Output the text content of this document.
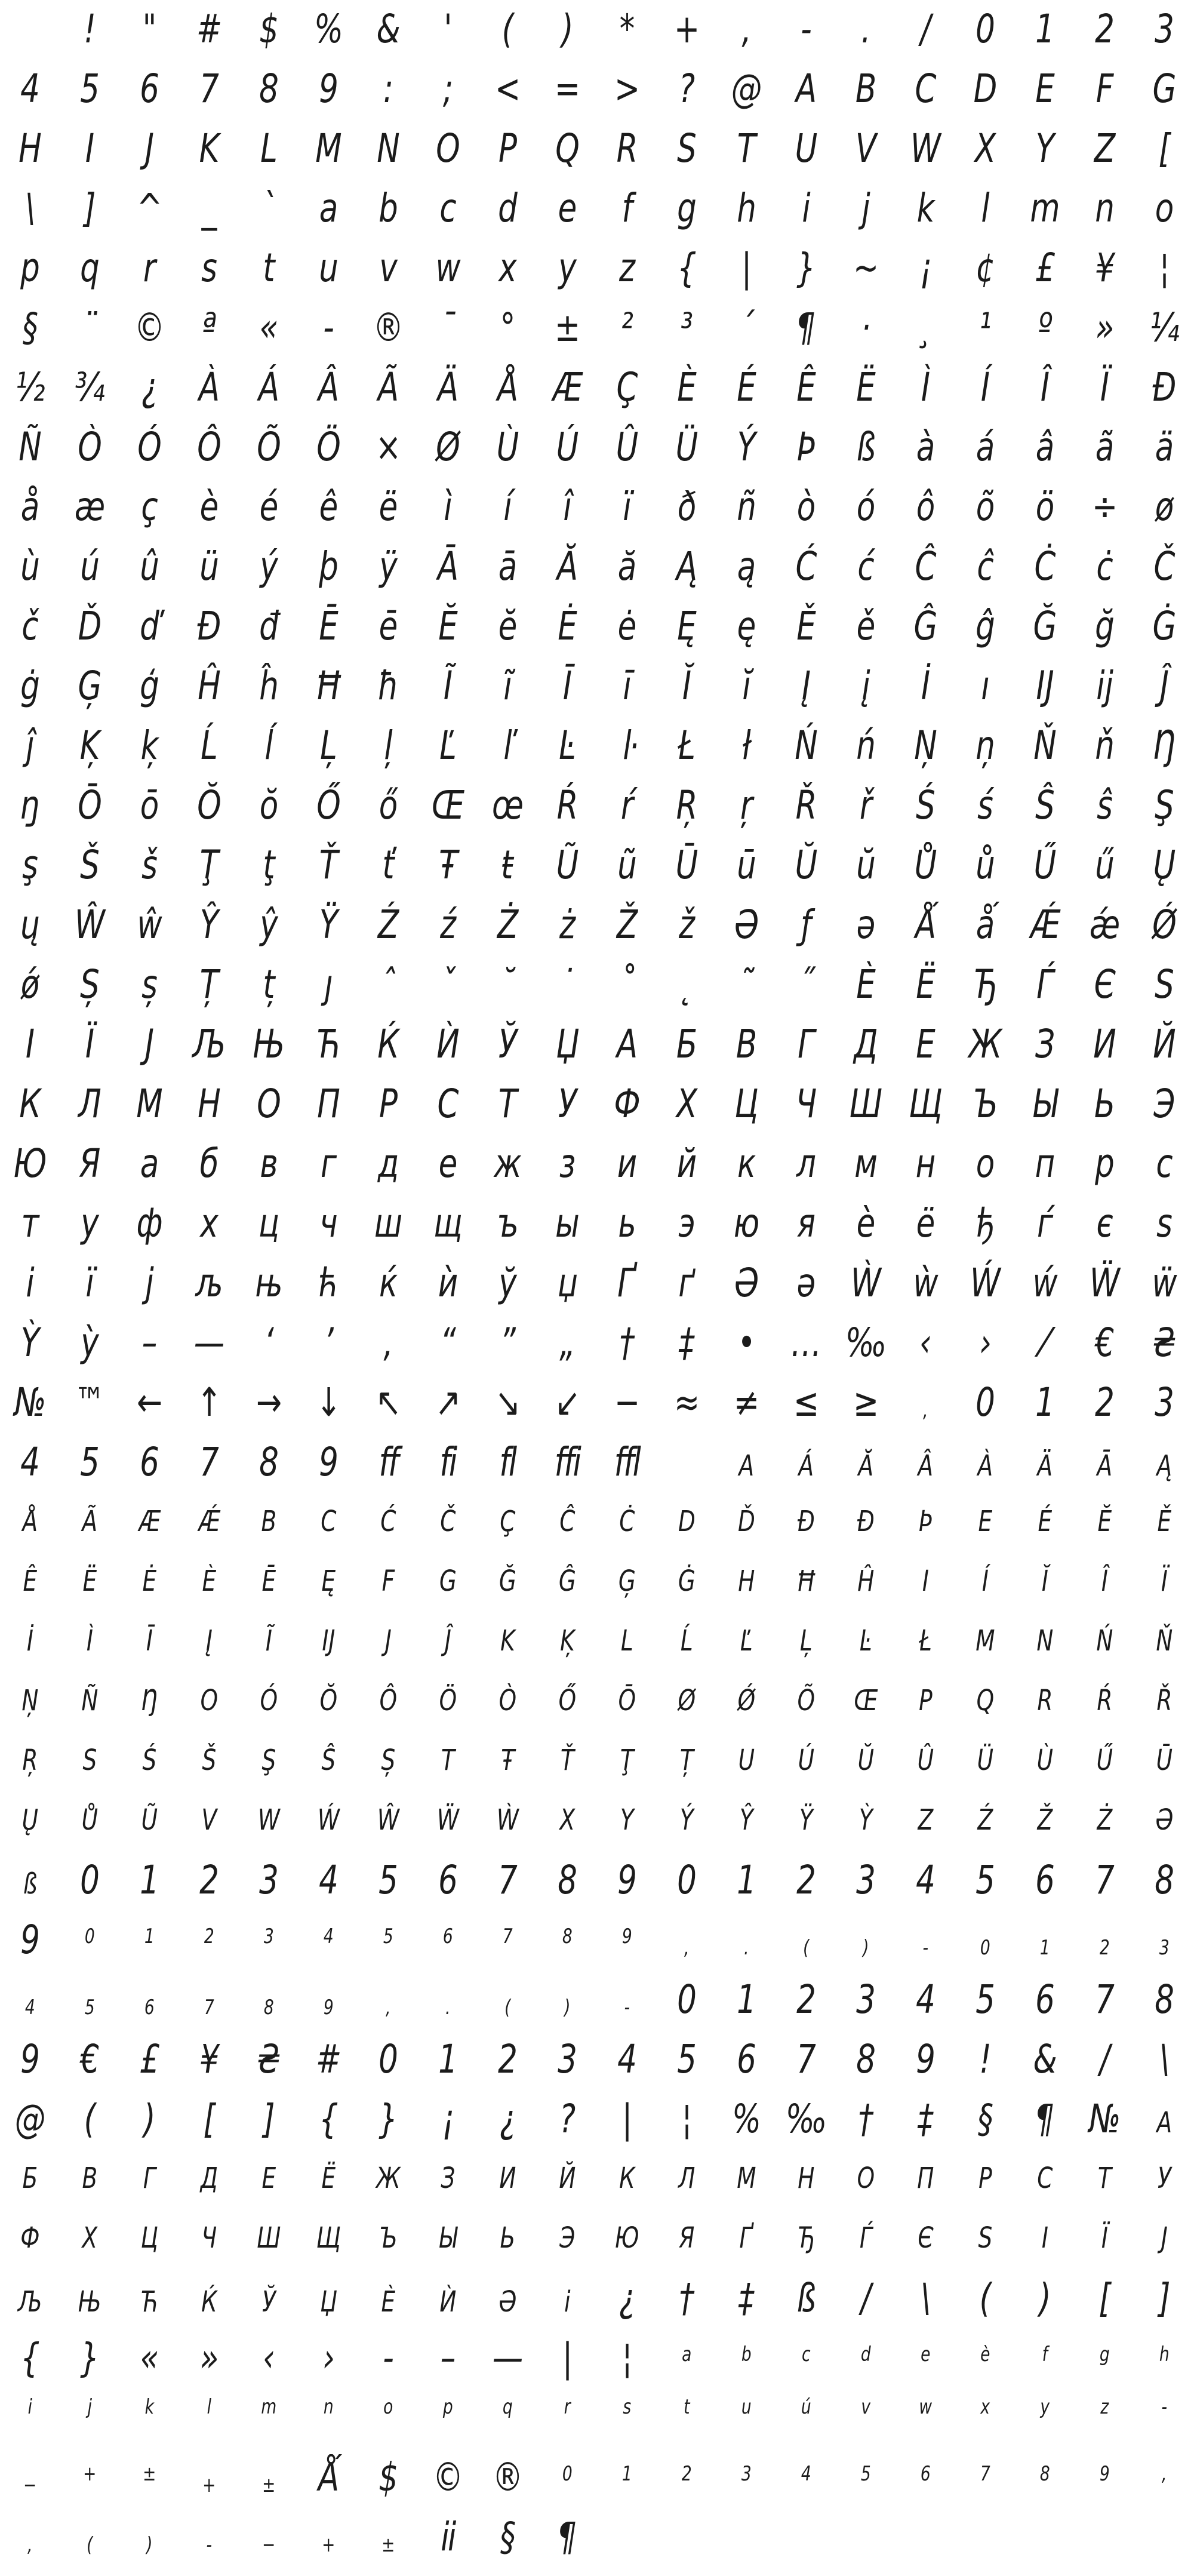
! " # $ % & ' ( ) * + , - . / 0 1 2 3
4 5 6 7 8 9 : ; < = > ? @ A B C D E F G
H I J K L M N O P Q R S T U V W X Y Z [
\ ] ^ _ ` a b c d e f g h i j k l m n o
p q r s t u v w x y z { | } ~ ¡ ¢ £ ¥ ¦
§ ¨ © ª « - ® ¯ ° ± ² ³ ´ ¶ · ¸ ¹ º » ¼
½ ¾ ¿ À Á Â Ã Ä Å Æ Ç È É Ê Ë Ì Í Î Ï Ð
Ñ Ò Ó Ô Õ Ö × Ø Ù Ú Û Ü Ý Þ ß à á â ã ä
å æ ç è é ê ë ì í î ï ð ñ ò ó ô õ ö ÷ ø
ù ú û ü ý þ ÿ Ā ā Ă ă Ą ą Ć ć Ĉ ĉ Ċ ċ Č
č Ď ď Đ đ Ē ē Ĕ ĕ Ė ė Ę ę Ě ě Ĝ ĝ Ğ ğ Ġ
ġ Ģ ģ Ĥ ĥ Ħ ħ Ĩ ĩ Ī ī Ĭ ĭ Į į İ ı Ĳ ĳ Ĵ
ĵ Ķ ķ Ĺ ĺ Ļ ļ Ľ ľ Ŀ ŀ Ł ł Ń ń Ņ ņ Ň ň Ŋ
ŋ Ō ō Ŏ ŏ Ő ő Œ œ Ŕ ŕ Ŗ ŗ Ř ř Ś ś Ŝ ŝ Ş
ş Š š Ţ ţ Ť ť Ŧ ŧ Ũ ũ Ū ū Ŭ ŭ Ů ů Ű ű Ų
ų Ŵ ŵ Ŷ ŷ Ÿ Ź ź Ż ż Ž ž Ə ƒ ə Ǻ ǻ Ǽ ǽ Ǿ
ǿ Ș ș Ț ț ȷ ˆ ˇ ˘ ˙ ˚ ˛ ˜ ˝ Ѐ Ё Ђ Ѓ Є Ѕ
І Ї Ј Љ Њ Ћ Ќ Ѝ Ў Џ А Б В Г Д Е Ж З И Й
К Л М Н О П Р С Т У Ф Х Ц Ч Ш Щ Ъ Ы Ь Э
Ю Я а б в г д е ж з и й к л м н о п р с
т у ф х ц ч ш щ ъ ы ь э ю я ѐ ё ђ ѓ є ѕ
і ї ј љ њ ћ ќ ѝ ў џ Ґ ґ Ә ә Ẁ ẁ Ẃ ẃ Ẅ ẅ
Ỳ ỳ – — ‘ ’ ‚ “ ” „ † ‡ • … ‰ ‹ › ⁄ € ₴
№ ™ ← ↑ → ↓ ↖ ↗ ↘ ↙ − ≈ ≠ ≤ ≥ , 0 1 2 3
4 5 6 7 8 9 ff fi fl ffi ffl	A Á Ă Â À Ä Ā Ą
Å Ã Æ Ǽ B C Ć Č Ç Ĉ Ċ D Ď Đ Ð Þ E É Ĕ Ě
Ê Ë Ė È Ē Ę F G Ğ Ĝ Ģ Ġ H Ħ Ĥ I Í Ĭ Î Ï
İ Ì Ī Į Ĩ Ĳ J Ĵ K Ķ L Ĺ Ľ Ļ Ŀ Ł M N Ń Ň
Ņ Ñ Ŋ O Ó Ŏ Ô Ö Ò Ő Ō Ø Ǿ Õ Œ P Q R Ŕ Ř
Ŗ S Ś Š Ş Ŝ Ș T Ŧ Ť Ţ Ț U Ú Ŭ Û Ü Ù Ű Ū
Ų Ů Ũ V W Ẃ Ŵ Ẅ Ẁ X Y Ý Ŷ Ÿ Ỳ Z Ź Ž Ż Ə
ß 0 1 2 3 4 5 6 7 8 9 0 1 2 3 4 5 6 7 8
9 0 1 2 3 4 5 6 7 8 9	,	.	(	)	-	0 1 2 3
4 5 6 7 8 9	,	.	(	)	- 0 1 2 3 4 5 6 7 8
9 € £ ¥ ₴ # 0 1 2 3 4 5 6 7 8 9 ! & / \
@ ( ) [ ] { } ¡ ¿ ? | ¦ % ‰ † ‡ § ¶ № А
Б В Г Д Е Ё Ж З И Й К Л М Н О П Р С Т У
Ф Х Ц Ч Ш Щ Ъ Ы Ь Э Ю Я Ґ Ђ Ѓ Є Ѕ І Ї Ј
Љ Њ Ћ Ќ Ў Џ Ѐ Ѝ Ә і ¿ † ‡ ß / \ ( ) [ ]
{ } « » ‹ › - – — | ¦ a b c d e è	f	g h
i	j	k	l m n o p q	r	s	t	u ú v w x y	z	-
− + ± + ± Ǻ $ © ® 0 1 2 3 4 5 6 7 8 9	,
,	(	)	- − + ± ii § ¶
